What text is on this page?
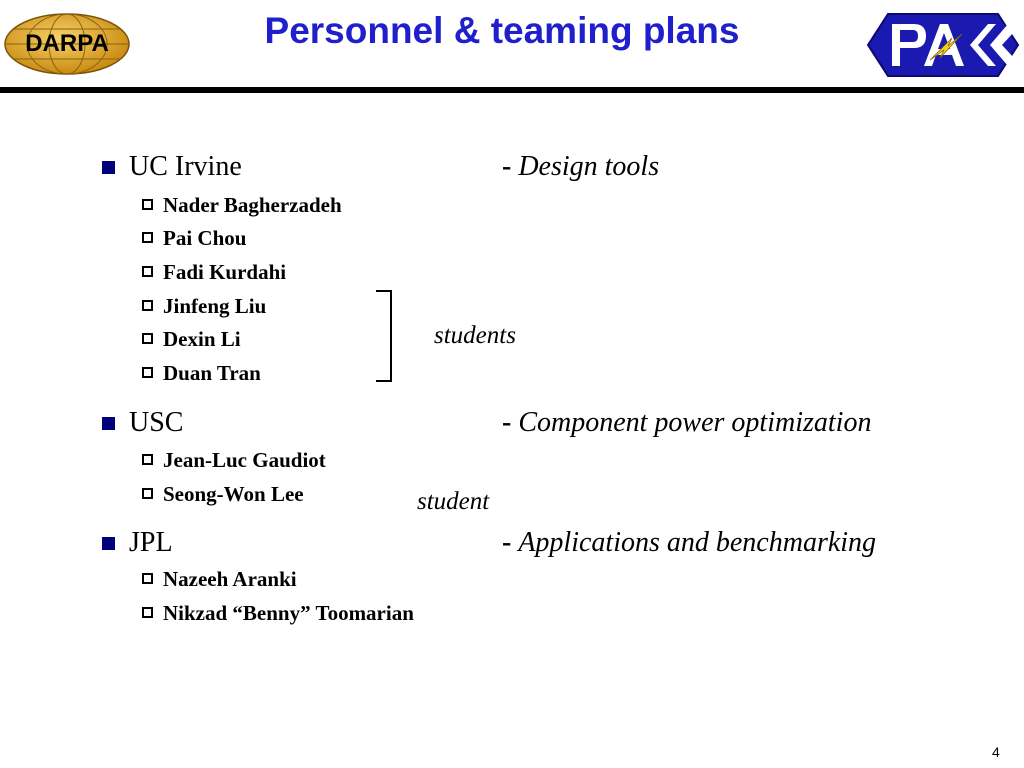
DARPA	Personnel & teaming plans
UC Irvine	- Design tools
Nader Bagherzadeh
Pai Chou
Fadi Kurdahi
Jinfeng Liu
Dexin Li
Duan Tran
students
USC	- Component power optimization
Jean-Luc Gaudiot
Seong-Won Lee	student
JPL	- Applications and benchmarking
Nazeeh Aranki
Nikzad “Benny” Toomarian
4
